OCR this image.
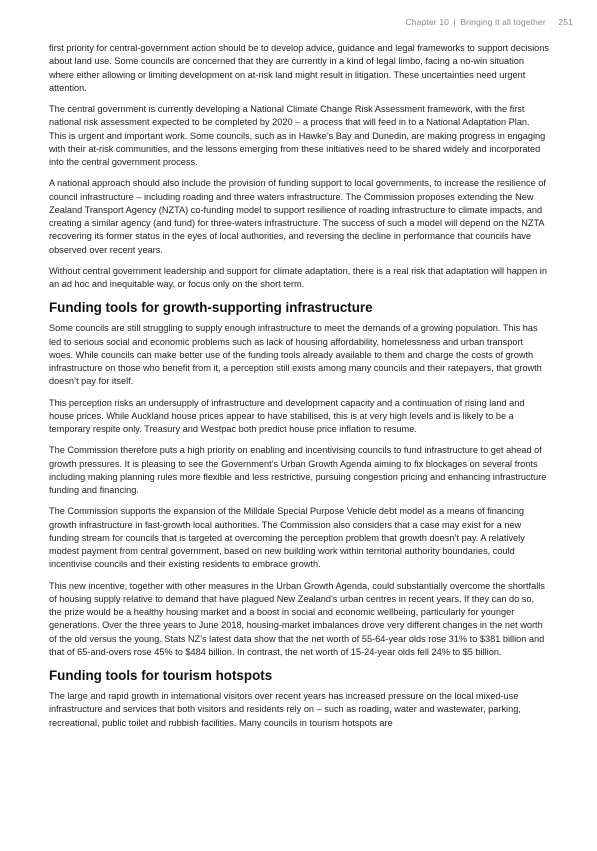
Chapter 10 | Bringing it all together 251

first priority for central-government action should be to develop advice, guidance and legal frameworks to support decisions about land use. Some councils are concerned that they are currently in a kind of legal limbo, facing a no-win situation where either allowing or limiting development on at-risk land might result in litigation. These uncertainties need urgent attention.

The central government is currently developing a National Climate Change Risk Assessment framework, with the first national risk assessment expected to be completed by 2020 – a process that will feed in to a National Adaptation Plan. This is urgent and important work. Some councils, such as in Hawke’s Bay and Dunedin, are making progress in engaging with their at-risk communities, and the lessons emerging from these initiatives need to be shared widely and incorporated into the central government process.

A national approach should also include the provision of funding support to local governments, to increase the resilience of council infrastructure – including roading and three waters infrastructure. The Commission proposes extending the New Zealand Transport Agency (NZTA) co-funding model to support resilience of roading infrastructure to climate impacts, and creating a similar agency (and fund) for three-waters infrastructure. The success of such a model will depend on the NZTA recovering its former status in the eyes of local authorities, and reversing the decline in performance that councils have observed over recent years.

Without central government leadership and support for climate adaptation, there is a real risk that adaptation will happen in an ad hoc and inequitable way, or focus only on the short term.

Funding tools for growth-supporting infrastructure

Some councils are still struggling to supply enough infrastructure to meet the demands of a growing population. This has led to serious social and economic problems such as lack of housing affordability, homelessness and urban transport woes. While councils can make better use of the funding tools already available to them and charge the costs of growth infrastructure on those who benefit from it, a perception still exists among many councils and their ratepayers, that growth doesn’t pay for itself.

This perception risks an undersupply of infrastructure and development capacity and a continuation of rising land and house prices. While Auckland house prices appear to have stabilised, this is at very high levels and is likely to be a temporary respite only. Treasury and Westpac both predict house price inflation to resume.

The Commission therefore puts a high priority on enabling and incentivising councils to fund infrastructure to get ahead of growth pressures. It is pleasing to see the Government’s Urban Growth Agenda aiming to fix blockages on several fronts including making planning rules more flexible and less restrictive, pursuing congestion pricing and enhancing infrastructure funding and financing.

The Commission supports the expansion of the Milldale Special Purpose Vehicle debt model as a means of financing growth infrastructure in fast-growth local authorities. The Commission also considers that a case may exist for a new funding stream for councils that is targeted at overcoming the perception problem that growth doesn’t pay. A relatively modest payment from central government, based on new building work within territorial authority boundaries, could incentivise councils and their existing residents to embrace growth.

This new incentive, together with other measures in the Urban Growth Agenda, could substantially overcome the shortfalls of housing supply relative to demand that have plagued New Zealand’s urban centres in recent years. If they can do so, the prize would be a healthy housing market and a boost in social and economic wellbeing, particularly for younger generations. Over the three years to June 2018, housing-market imbalances drove very different changes in the net worth of the old versus the young. Stats NZ’s latest data show that the net worth of 55-64-year olds rose 31% to $381 billion and that of 65-and-overs rose 45% to $484 billion. In contrast, the net worth of 15-24-year olds fell 24% to $5 billion.

Funding tools for tourism hotspots

The large and rapid growth in international visitors over recent years has increased pressure on the local mixed-use infrastructure and services that both visitors and residents rely on – such as roading, water and wastewater, parking, recreational, public toilet and rubbish facilities. Many councils in tourism hotspots are
